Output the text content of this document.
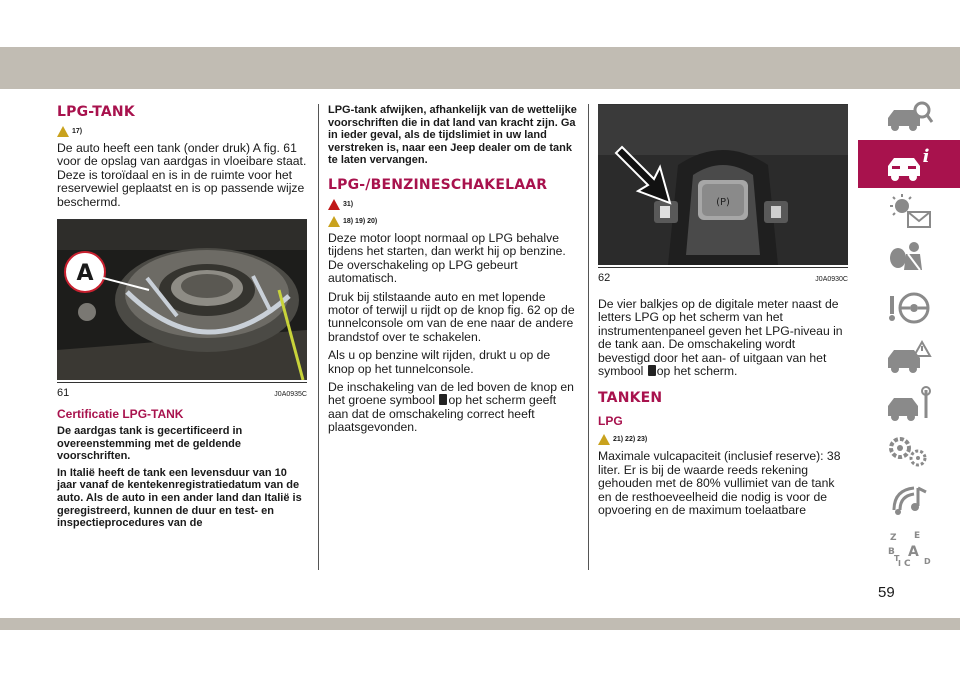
LPG-TANK
17)

De auto heeft een tank (onder druk) A fig. 61 voor de opslag van aardgas in vloeibare staat. Deze is toroïdaal en is in de ruimte voor het reservewiel geplaatst en is op passende wijze beschermd.

A
61	J0A0935C
Certificatie LPG-TANK

De aardgas tank is gecertificeerd in overeenstemming met de geldende voorschriften.

In Italië heeft de tank een levensduur van 10 jaar vanaf de kentekenregistratiedatum van de auto. Als de auto in een ander land dan Italië is geregistreerd, kunnen de duur en test- en inspectieprocedures van de

LPG-tank afwijken, afhankelijk van de wettelijke voorschriften die in dat land van kracht zijn. Ga in ieder geval, als de tijdslimiet in uw land verstreken is, naar een Jeep dealer om de tank te laten vervangen.

LPG-/BENZINESCHAKELAAR
31)
18) 19) 20)

Deze motor loopt normaal op LPG behalve tijdens het starten, dan werkt hij op benzine. De overschakeling op LPG gebeurt automatisch.

Druk bij stilstaande auto en met lopende motor of terwijl u rijdt op de knop fig. 62 op de tunnelconsole om van de ene naar de andere brandstof over te schakelen.

Als u op benzine wilt rijden, drukt u op de knop op het tunnelconsole.

De inschakeling van de led boven de knop en het groene symbool op het scherm geeft aan dat de omschakeling correct heeft plaatsgevonden.

(P)
62	J0A0930C

De vier balkjes op de digitale meter naast de letters LPG op het scherm van het instrumentenpaneel geven het LPG-niveau in de tank aan. De omschakeling wordt bevestigd door het aan- of uitgaan van het symbool op het scherm.

TANKEN
LPG
21) 22) 23)

Maximale vulcapaciteit (inclusief reserve): 38 liter. Er is bij de waarde reeds rekening gehouden met de 80% vullimiet van de tank en de resthoeveelheid die nodig is voor de opvoering en de maximum toelaatbare

i
Z E
B A
I C
T	D
59
